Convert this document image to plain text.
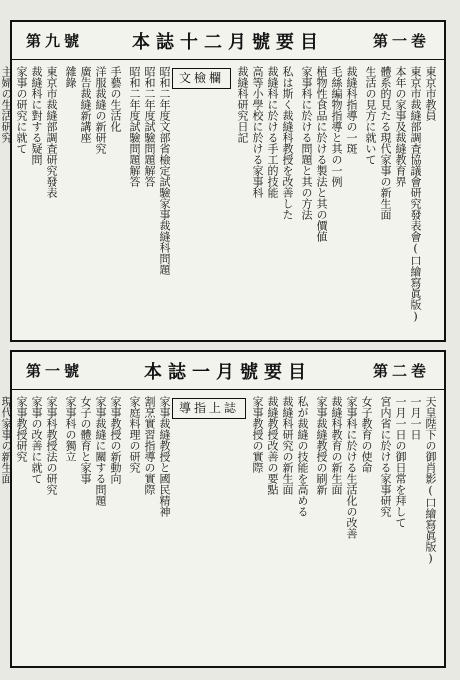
第九號	本誌十二月號要目	第一巻
東京市教員
東京市裁縫部調査協議會研究發表會(口繪寫眞版)
本年の家事及裁縫教育界
體系的見たる現代家事の新生面
生活の見方に就いて
裁縫科指導の一斑
毛絲編物指導と其の一例
植物性食品に於ける製法と其の價値
家事科に於ける問題と其の方法
私は斯く裁縫科教授を改善した
裁縫科に於ける手工的技能
高等小學校に於ける家事科
裁縫科研究日記
文檢欄
昭和二年度文部省檢定試驗家事裁縫科問題
昭和二年度試驗問題解答
昭和二年度試驗問題解答
手藝の生活化
洋服裁縫の新研究
廣告裁縫新講座
雜錄
東京市裁縫部調査研究發表
裁縫科に對する疑問
家事の研究に就て
主婦の生活研究

第一號	本誌一月號要目	第二巻
天皇陛下の御肖影(口繪寫眞版)
一月一日
一月一日の御日常を拜して
宮内省に於ける家事研究
女子教育の使命
家事科に於ける生活化の改善
裁縫科教育の新生面
家事裁縫教授の刷新
私が裁縫の技能を高める
裁縫科研究の新生面
裁縫教授改善の要點
家事教授の實際
導指上誌
家事裁縫教授と國民精神
割烹實習指導の實際
家庭料理の研究
家事教授の新動向
家事裁縫に關する問題
女子の體育と家事
家事科の獨立
家事科教授法の研究
家事の改善に就て
家事教授研究
現代家事の新生面
